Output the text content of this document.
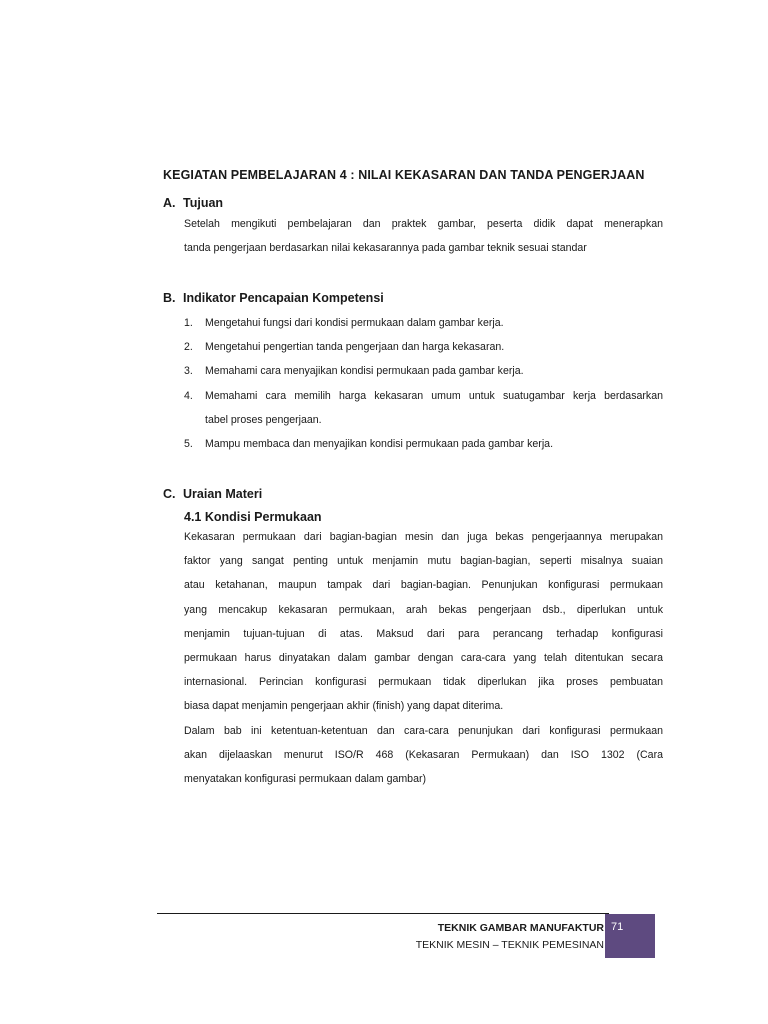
KEGIATAN PEMBELAJARAN 4 : NILAI KEKASARAN DAN TANDA PENGERJAAN
A. Tujuan

Setelah mengikuti pembelajaran dan praktek gambar, peserta didik dapat menerapkan
tanda pengerjaan berdasarkan nilai kekasarannya pada gambar teknik sesuai standar

B. Indikator Pencapaian Kompetensi
1. Mengetahui fungsi dari kondisi permukaan dalam gambar kerja.
2. Mengetahui pengertian tanda pengerjaan dan harga kekasaran.
3. Memahami cara menyajikan kondisi permukaan pada gambar kerja.
4. Memahami cara memilih harga kekasaran umum untuk suatugambar kerja berdasarkan
tabel proses pengerjaan.
5. Mampu membaca dan menyajikan kondisi permukaan pada gambar kerja.
C. Uraian Materi
4.1 Kondisi Permukaan

Kekasaran permukaan dari bagian-bagian mesin dan juga bekas pengerjaannya merupakan
faktor yang sangat penting untuk menjamin mutu bagian-bagian, seperti misalnya suaian
atau ketahanan, maupun tampak dari bagian-bagian. Penunjukan konfigurasi permukaan
yang mencakup kekasaran permukaan, arah bekas pengerjaan dsb., diperlukan untuk
menjamin tujuan-tujuan di atas. Maksud dari para perancang terhadap konfigurasi
permukaan harus dinyatakan dalam gambar dengan cara-cara yang telah ditentukan secara
internasional. Perincian konfigurasi permukaan tidak diperlukan jika proses pembuatan
biasa dapat menjamin pengerjaan akhir (finish) yang dapat diterima.

Dalam bab ini ketentuan-ketentuan dan cara-cara penunjukan dari konfigurasi permukaan
akan dijelaaskan menurut ISO/R 468 (Kekasaran Permukaan) dan ISO 1302 (Cara
menyatakan konfigurasi permukaan dalam gambar)

TEKNIK GAMBAR MANUFAKTUR
TEKNIK MESIN – TEKNIK PEMESINAN
71
